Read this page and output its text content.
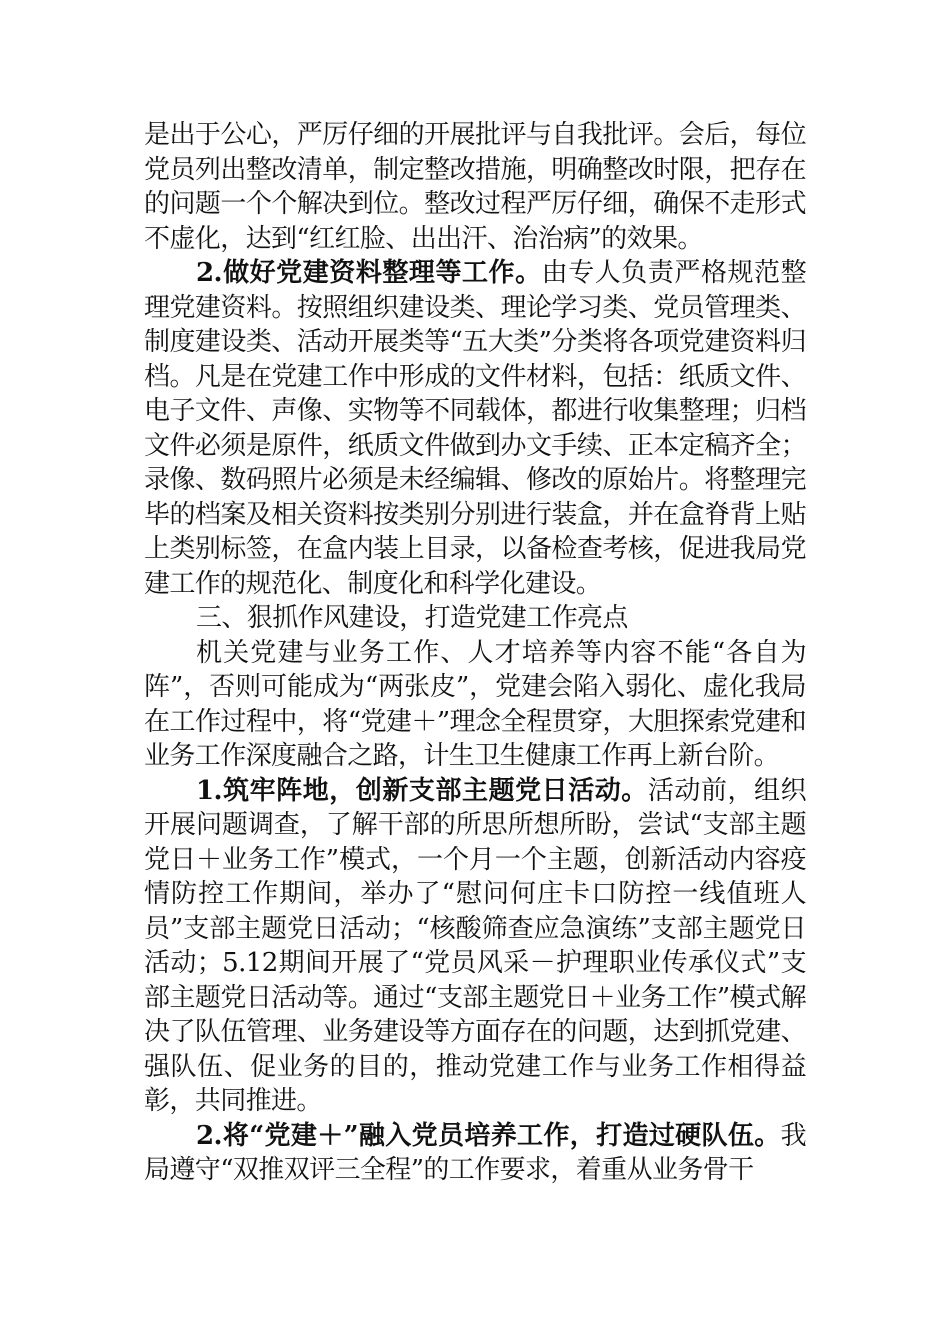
是出于公心，严厉仔细的开展批评与自我批评。会后，每位党员列出整改清单，制定整改措施，明确整改时限，把存在的问题一个个解决到位。整改过程严厉仔细，确保不走形式不虚化，达到“红红脸、出出汗、治治病”的效果。

2.做好党建资料整理等工作。由专人负责严格规范整理党建资料。按照组织建设类、理论学习类、党员管理类、制度建设类、活动开展类等“五大类”分类将各项党建资料归档。凡是在党建工作中形成的文件材料，包括：纸质文件、电子文件、声像、实物等不同载体，都进行收集整理；归档文件必须是原件，纸质文件做到办文手续、正本定稿齐全；录像、数码照片必须是未经编辑、修改的原始片。将整理完毕的档案及相关资料按类别分别进行装盒，并在盒脊背上贴上类别标签，在盒内装上目录，以备检查考核，促进我局党建工作的规范化、制度化和科学化建设。

三、狠抓作风建设，打造党建工作亮点

机关党建与业务工作、人才培养等内容不能“各自为阵”，否则可能成为“两张皮”，党建会陷入弱化、虚化我局在工作过程中，将“党建＋”理念全程贯穿，大胆探索党建和业务工作深度融合之路，计生卫生健康工作再上新台阶。

1.筑牢阵地，创新支部主题党日活动。活动前，组织开展问题调查，了解干部的所思所想所盼，尝试“支部主题党日＋业务工作”模式，一个月一个主题，创新活动内容疫情防控工作期间，举办了“慰问何庄卡口防控一线值班人员”支部主题党日活动；“核酸筛查应急演练”支部主题党日活动；5.12期间开展了“党员风采－护理职业传承仪式”支部主题党日活动等。通过“支部主题党日＋业务工作”模式解决了队伍管理、业务建设等方面存在的问题，达到抓党建、强队伍、促业务的目的，推动党建工作与业务工作相得益彰，共同推进。

2.将“党建＋”融入党员培养工作，打造过硬队伍。我局遵守“双推双评三全程”的工作要求，着重从业务骨干
